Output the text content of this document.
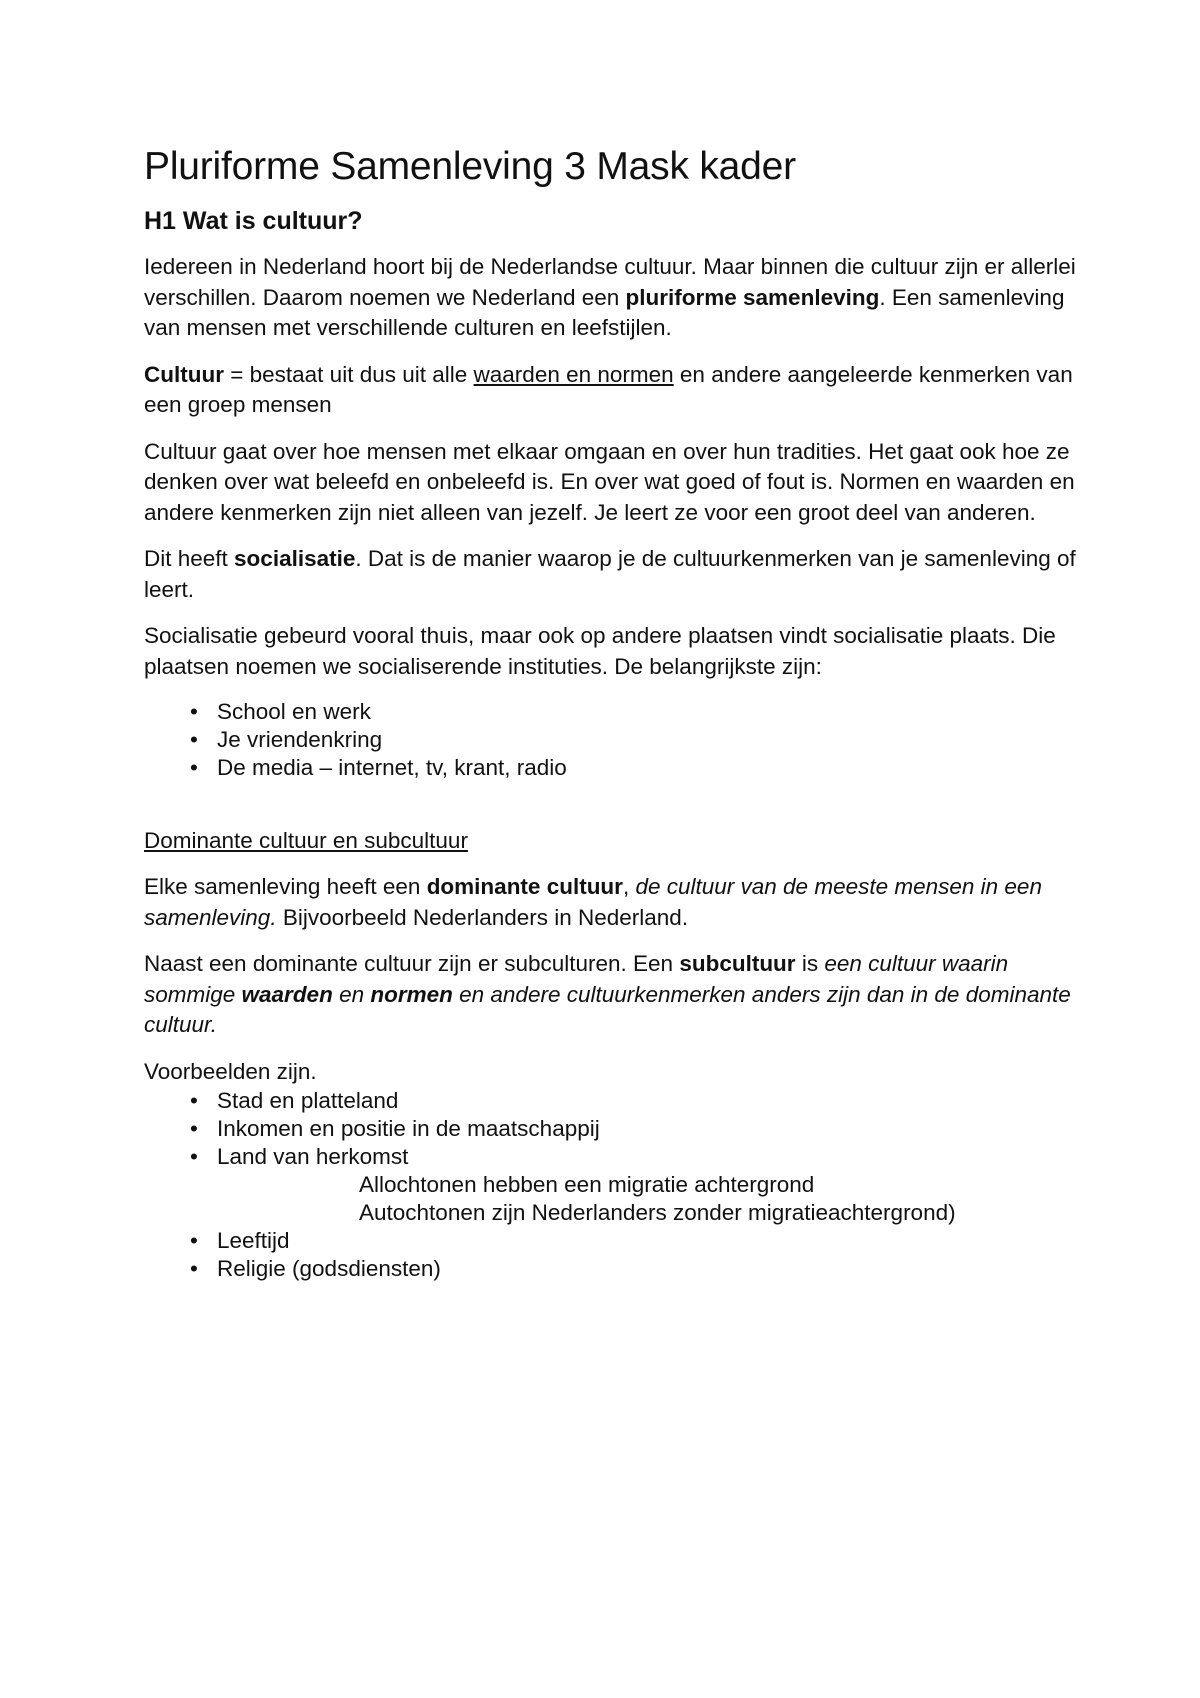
Pluriforme Samenleving 3 Mask kader
H1 Wat is cultuur?

Iedereen in Nederland hoort bij de Nederlandse cultuur. Maar binnen die cultuur zijn er allerlei verschillen. Daarom noemen we Nederland een pluriforme samenleving. Een samenleving van mensen met verschillende culturen en leefstijlen.

Cultuur = bestaat uit dus uit alle waarden en normen en andere aangeleerde kenmerken van een groep mensen

Cultuur gaat over hoe mensen met elkaar omgaan en over hun tradities. Het gaat ook hoe ze denken over wat beleefd en onbeleefd is. En over wat goed of fout is. Normen en waarden en andere kenmerken zijn niet alleen van jezelf. Je leert ze voor een groot deel van anderen.

Dit heeft socialisatie. Dat is de manier waarop je de cultuurkenmerken van je samenleving of leert.

Socialisatie gebeurd vooral thuis, maar ook op andere plaatsen vindt socialisatie plaats. Die plaatsen noemen we socialiserende instituties. De belangrijkste zijn:

• School en werk
• Je vriendenkring
• De media – internet, tv, krant, radio
Dominante cultuur en subcultuur

Elke samenleving heeft een dominante cultuur, de cultuur van de meeste mensen in een samenleving. Bijvoorbeeld Nederlanders in Nederland.

Naast een dominante cultuur zijn er subculturen. Een subcultuur is een cultuur waarin sommige waarden en normen en andere cultuurkenmerken anders zijn dan in de dominante cultuur.

Voorbeelden zijn.

• Stad en platteland
• Inkomen en positie in de maatschappij
• Land van herkomst
Allochtonen hebben een migratie achtergrond
Autochtonen zijn Nederlanders zonder migratieachtergrond)
• Leeftijd
• Religie (godsdiensten)
